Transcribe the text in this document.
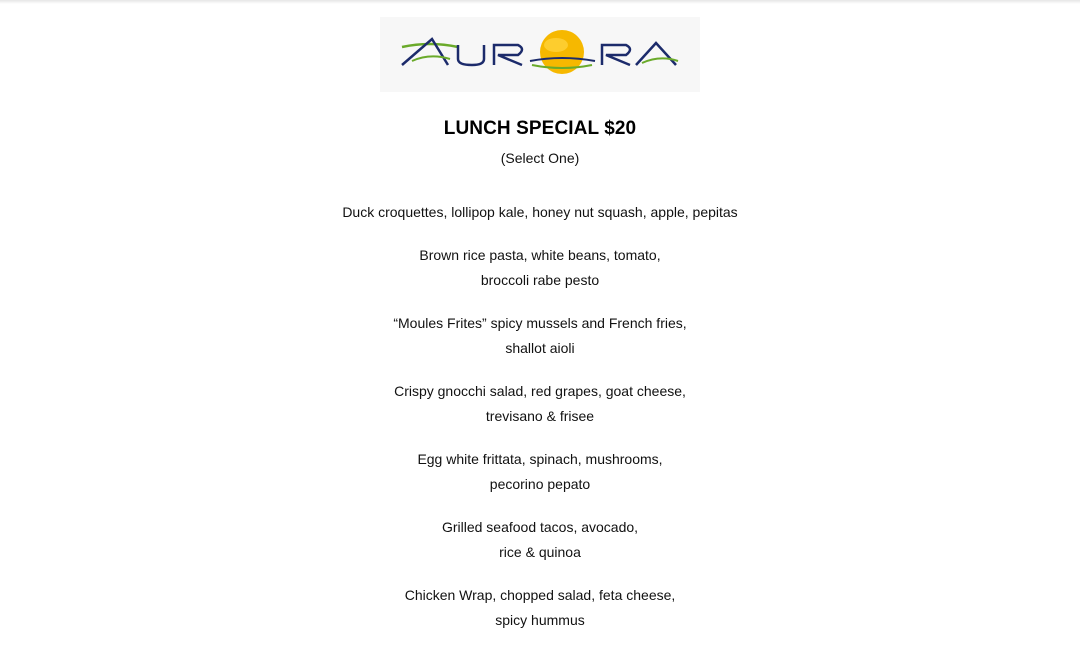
LUNCH SPECIAL $20
(Select One)
Duck croquettes, lollipop kale, honey nut squash, apple, pepitas
Brown rice pasta, white beans, tomato,
broccoli rabe pesto
“Moules Frites” spicy mussels and French fries,
shallot aioli
Crispy gnocchi salad, red grapes, goat cheese,
trevisano & frisee
Egg white frittata, spinach, mushrooms,
pecorino pepato
Grilled seafood tacos, avocado,
rice & quinoa
Chicken Wrap, chopped salad, feta cheese,
spicy hummus
